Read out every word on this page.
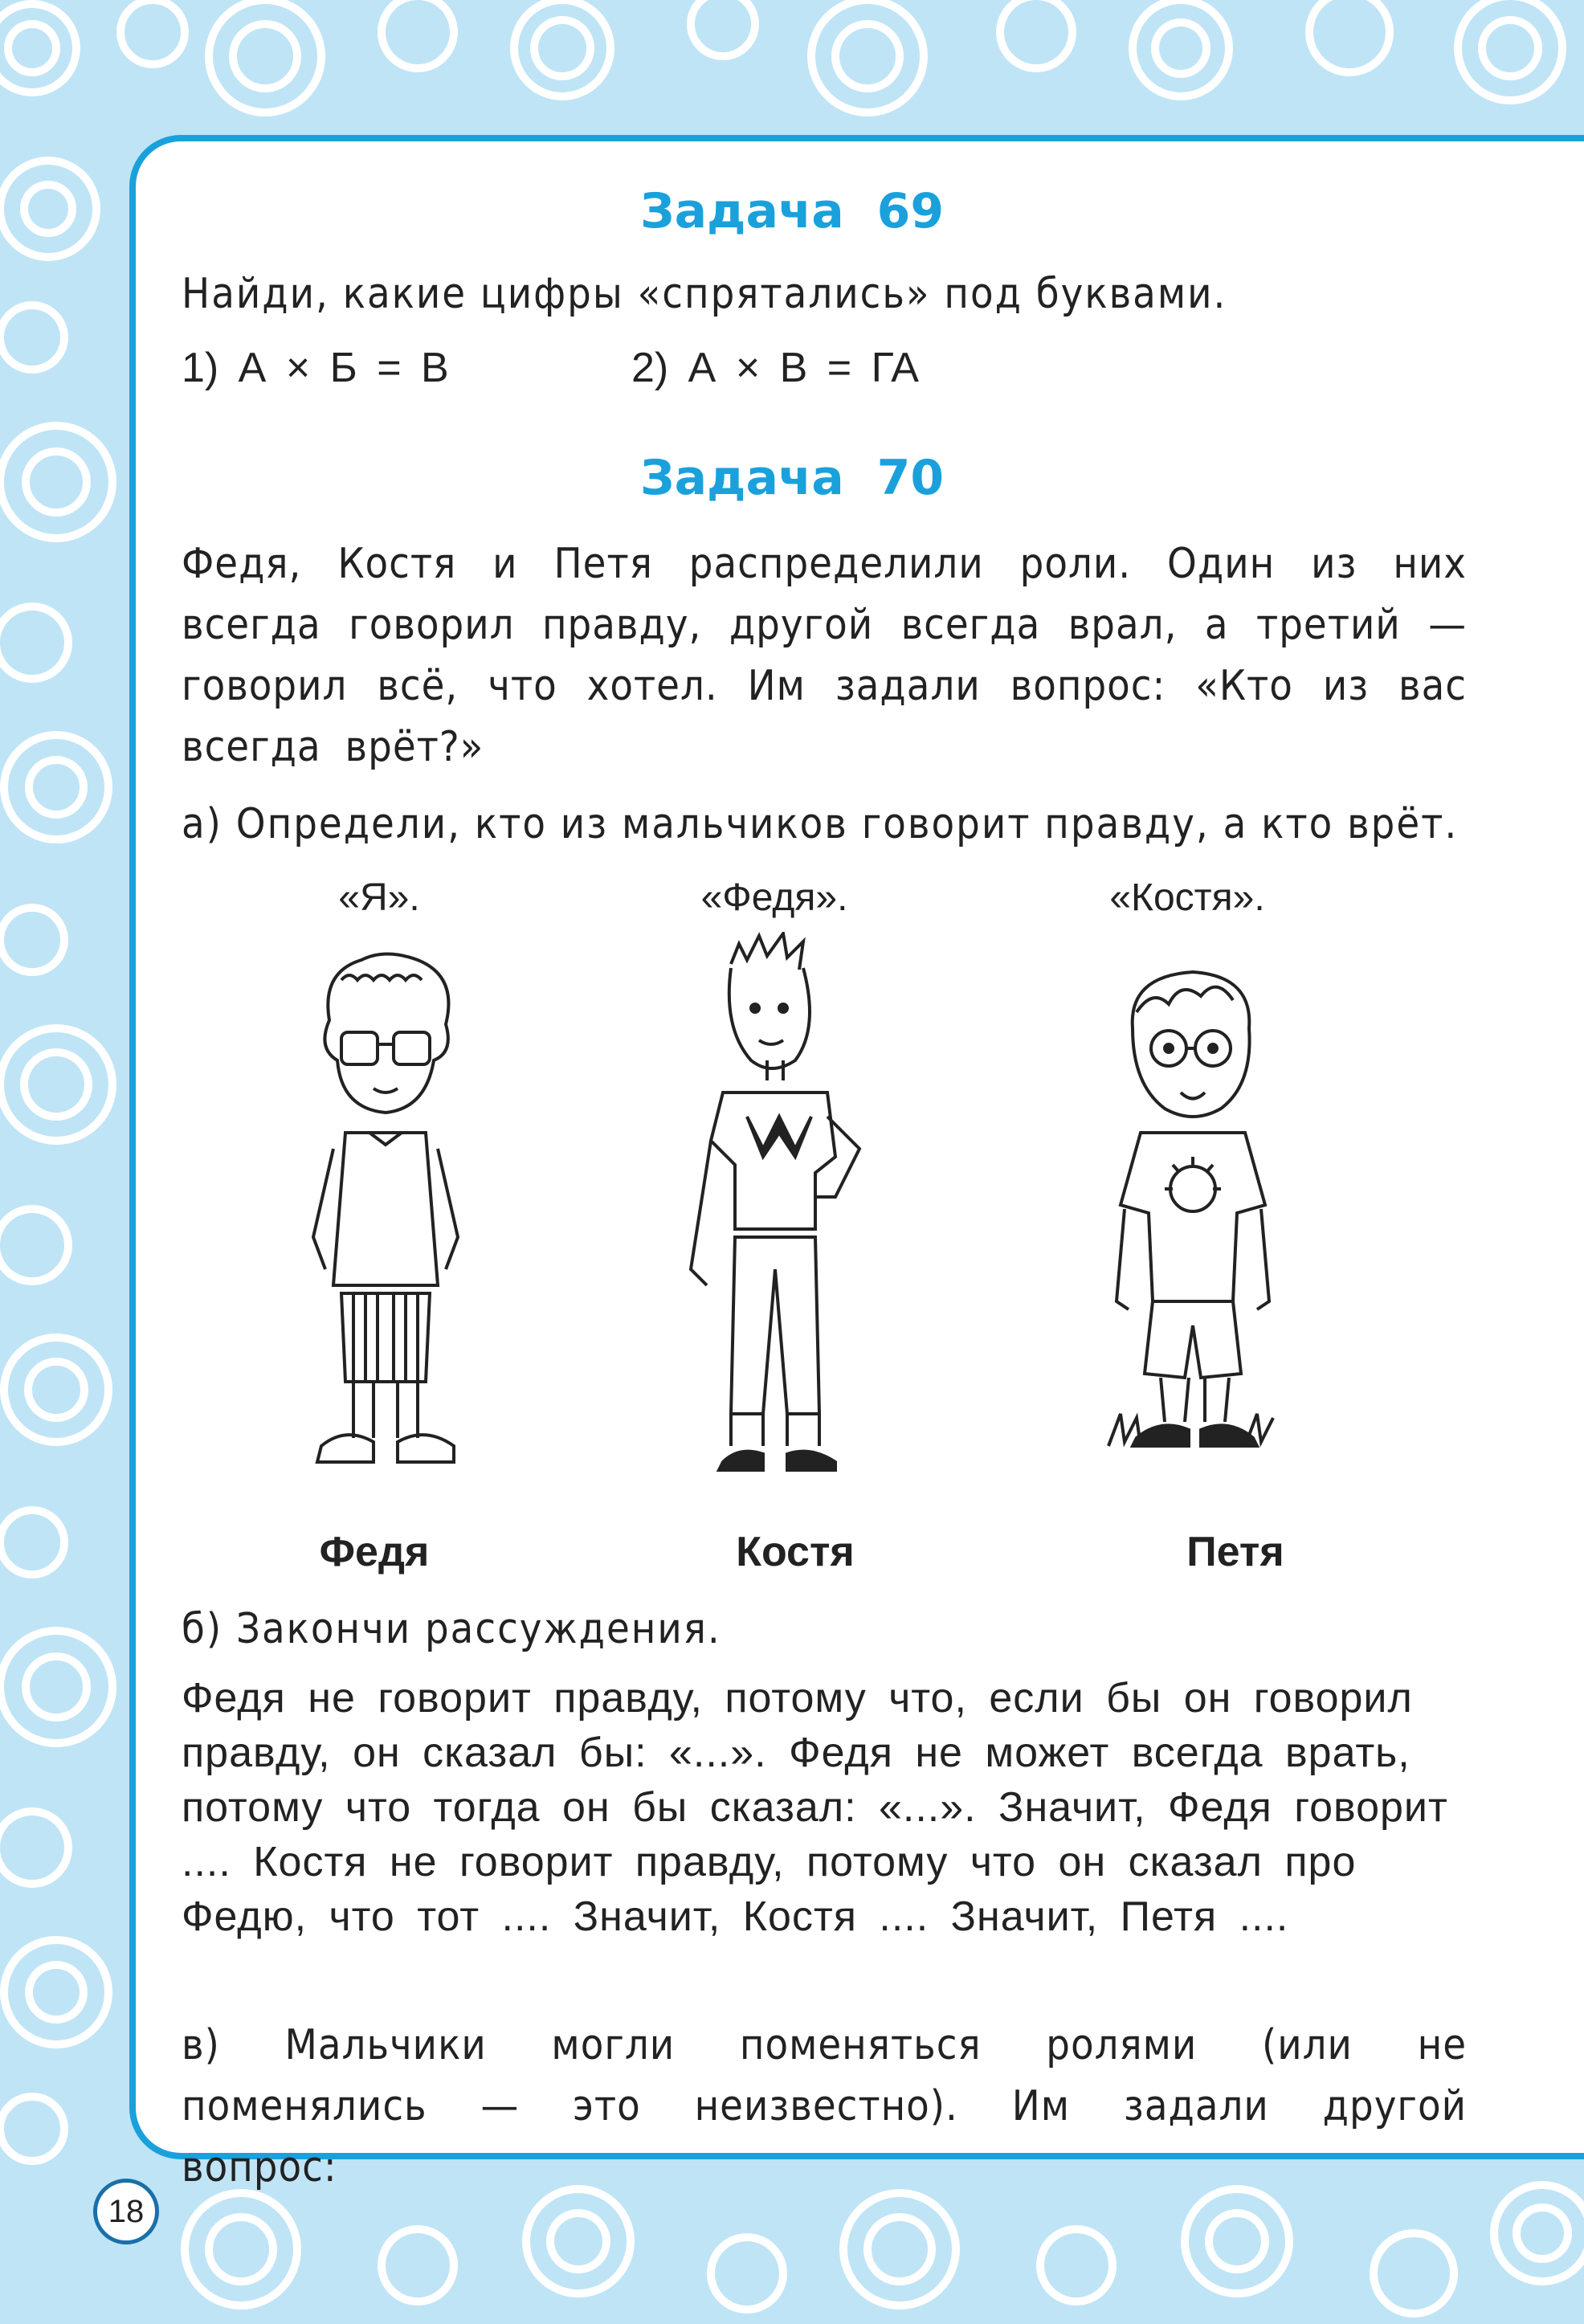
Задача 69
Найди, какие цифры «спрятались» под буквами.
1) А × Б = В	2) А × В = ГА
Задача 70
Федя, Костя и Петя распределили роли. Один из них всегда говорил правду, другой всегда врал, а третий — говорил всё, что хотел. Им задали вопрос: «Кто из вас всегда врёт?»
а) Определи, кто из мальчиков говорит правду, а кто врёт.
«Я».	«Федя».	«Костя».
Федя	Костя	Петя
б) Закончи рассуждения.
Федя не говорит правду, потому что, если бы он говорил правду, он сказал бы: «...». Федя не может всегда врать, потому что тогда он бы сказал: «...». Значит, Федя говорит .... Костя не говорит правду, потому что он сказал про Федю, что тот .... Значит, Костя .... Значит, Петя ....
в) Мальчики могли поменяться ролями (или не поменялись — это неизвестно). Им задали другой вопрос:
18
